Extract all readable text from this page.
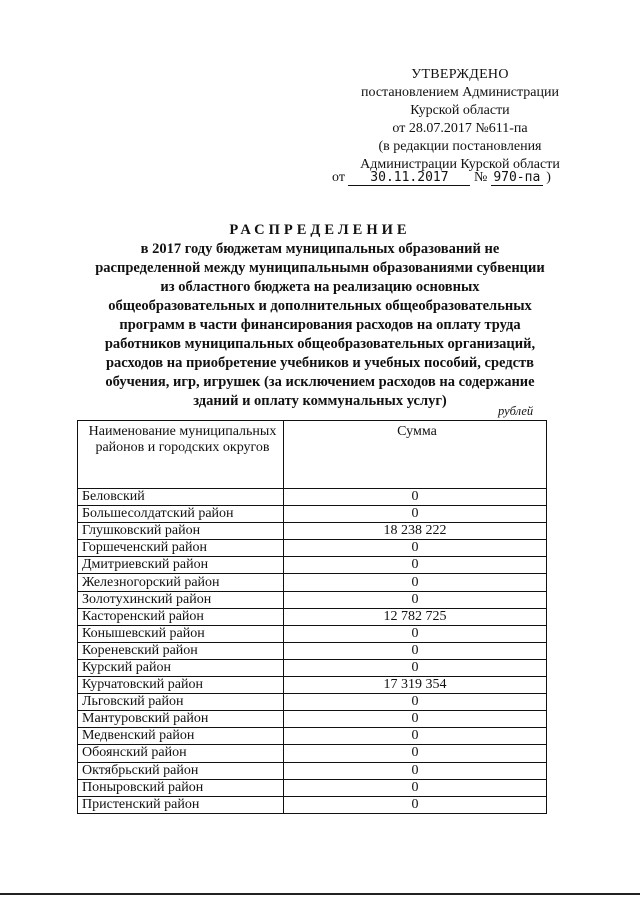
УТВЕРЖДЕНО
постановлением Администрации
Курской области
от 28.07.2017 №611-па
(в редакции постановления
Администрации Курской области
от 30.11.2017 № 970-па )
РАСПРЕДЕЛЕНИЕ
в 2017 году бюджетам муниципальных образований не
распределенной между муниципальнымн образованиями субвенции
из областного бюджета на реализацию основных
общеобразовательных и дополнительных общеобразовательных
программ в части финансирования расходов на оплату труда
работников муниципальных общеобразовательных организаций,
расходов на приобретение учебников и учебных пособий, средств
обучения, игр, игрушек (за исключением расходов на содержание
зданий и оплату коммунальных услуг)
рублей
Наименование муниципальных районов и городских округов	Сумма
Беловский	0
Большесолдатский район	0
Глушковский район	18 238 222
Горшеченский район	0
Дмитриевский район	0
Железногорский район	0
Золотухинский район	0
Касторенский район	12 782 725
Конышевский район	0
Кореневский район	0
Курский район	0
Курчатовский район	17 319 354
Льговский район	0
Мантуровский район	0
Медвенский район	0
Обоянский район	0
Октябрьский район	0
Поныровский район	0
Пристенский район	0
